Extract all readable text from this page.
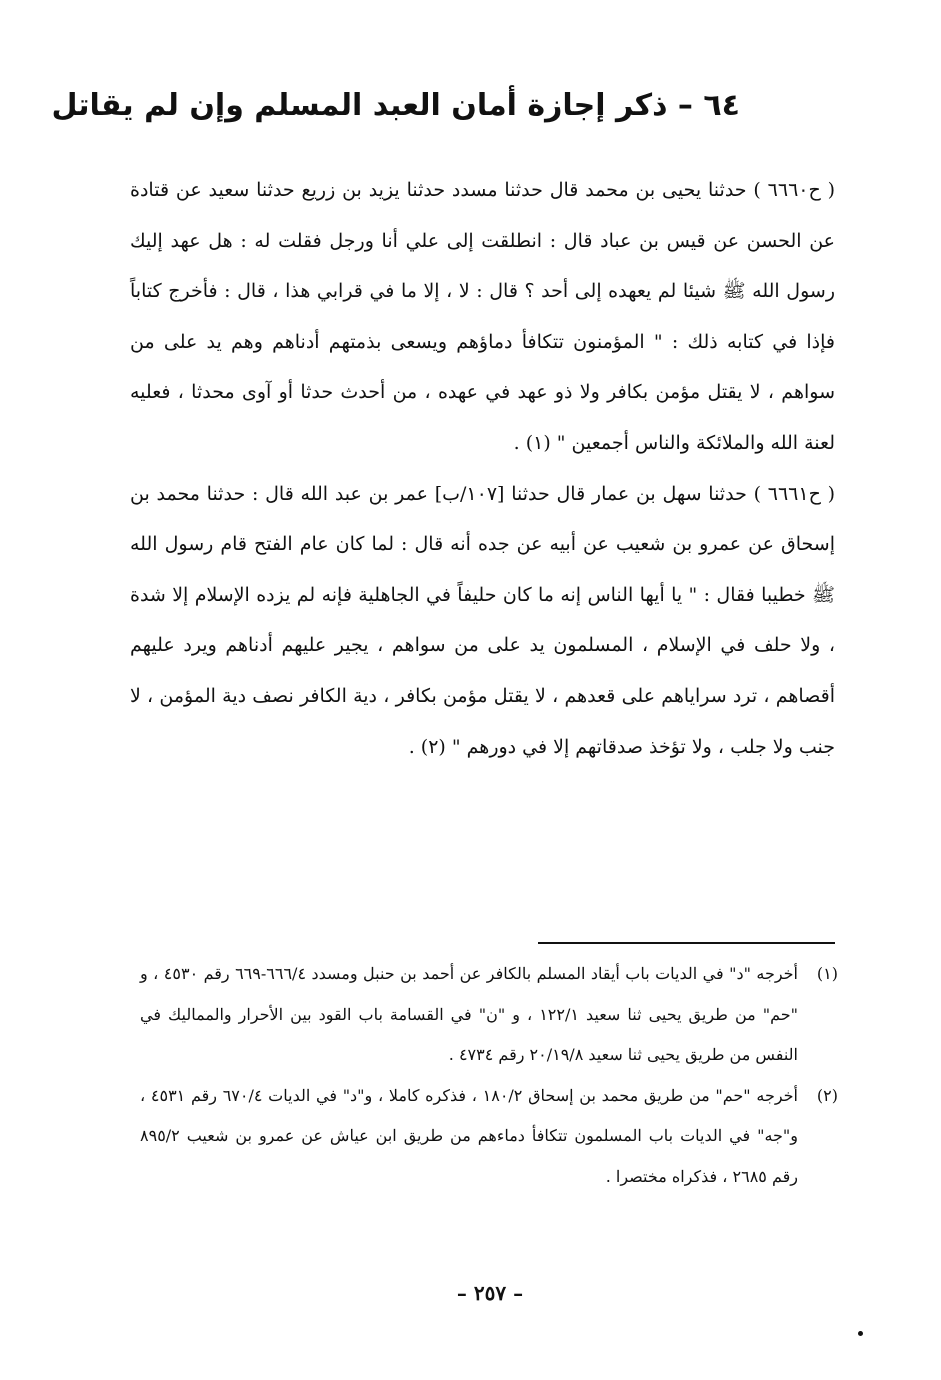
٦٤ – ذكر إجازة أمان العبد المسلم وإن لم يقاتل

( ح٦٦٦٠ ) حدثنا يحيى بن محمد قال حدثنا مسدد حدثنا يزيد بن زريع حدثنا سعيد عن قتادة عن الحسن عن قيس بن عباد قال : انطلقت إلى علي أنا ورجل فقلت له : هل عهد إليك رسول الله ﷺ شيئا لم يعهده إلى أحد ؟ قال : لا ، إلا ما في قرابي هذا ، قال : فأخرج كتاباً فإذا في كتابه ذلك : " المؤمنون تتكافأ دماؤهم ويسعى بذمتهم أدناهم وهم يد على من سواهم ، لا يقتل مؤمن بكافر ولا ذو عهد في عهده ، من أحدث حدثا أو آوى محدثا ، فعليه لعنة الله والملائكة والناس أجمعين " (١) .

( ح٦٦٦١ ) حدثنا سهل بن عمار قال حدثنا [١٠٧/ب] عمر بن عبد الله قال : حدثنا محمد بن إسحاق عن عمرو بن شعيب عن أبيه عن جده أنه قال : لما كان عام الفتح قام رسول الله ﷺ خطيبا فقال : " يا أيها الناس إنه ما كان حليفاً في الجاهلية فإنه لم يزده الإسلام إلا شدة ، ولا حلف في الإسلام ، المسلمون يد على من سواهم ، يجير عليهم أدناهم ويرد عليهم أقصاهم ، ترد سراياهم على قعدهم ، لا يقتل مؤمن بكافر ، دية الكافر نصف دية المؤمن ، لا جنب ولا جلب ، ولا تؤخذ صدقاتهم إلا في دورهم " (٢) .

(١)
أخرجه "د" في الديات باب أيقاد المسلم بالكافر عن أحمد بن حنبل ومسدد ٦٦٦/٤-٦٦٩ رقم ٤٥٣٠ ، و "حم" من طريق يحيى ثنا سعيد ١٢٢/١ ، و "ن" في القسامة باب القود بين الأحرار والمماليك في النفس من طريق يحيى ثنا سعيد ٢٠/١٩/٨ رقم ٤٧٣٤ .
(٢)
أخرجه "حم" من طريق محمد بن إسحاق ١٨٠/٢ ، فذكره كاملا ، و"د" في الديات ٦٧٠/٤ رقم ٤٥٣١ ، و"جه" في الديات باب المسلمون تتكافأ دماءهم من طريق ابن عياش عن عمرو بن شعيب ٨٩٥/٢ رقم ٢٦٨٥ ، فذكراه مختصرا .
– ٢٥٧ –
